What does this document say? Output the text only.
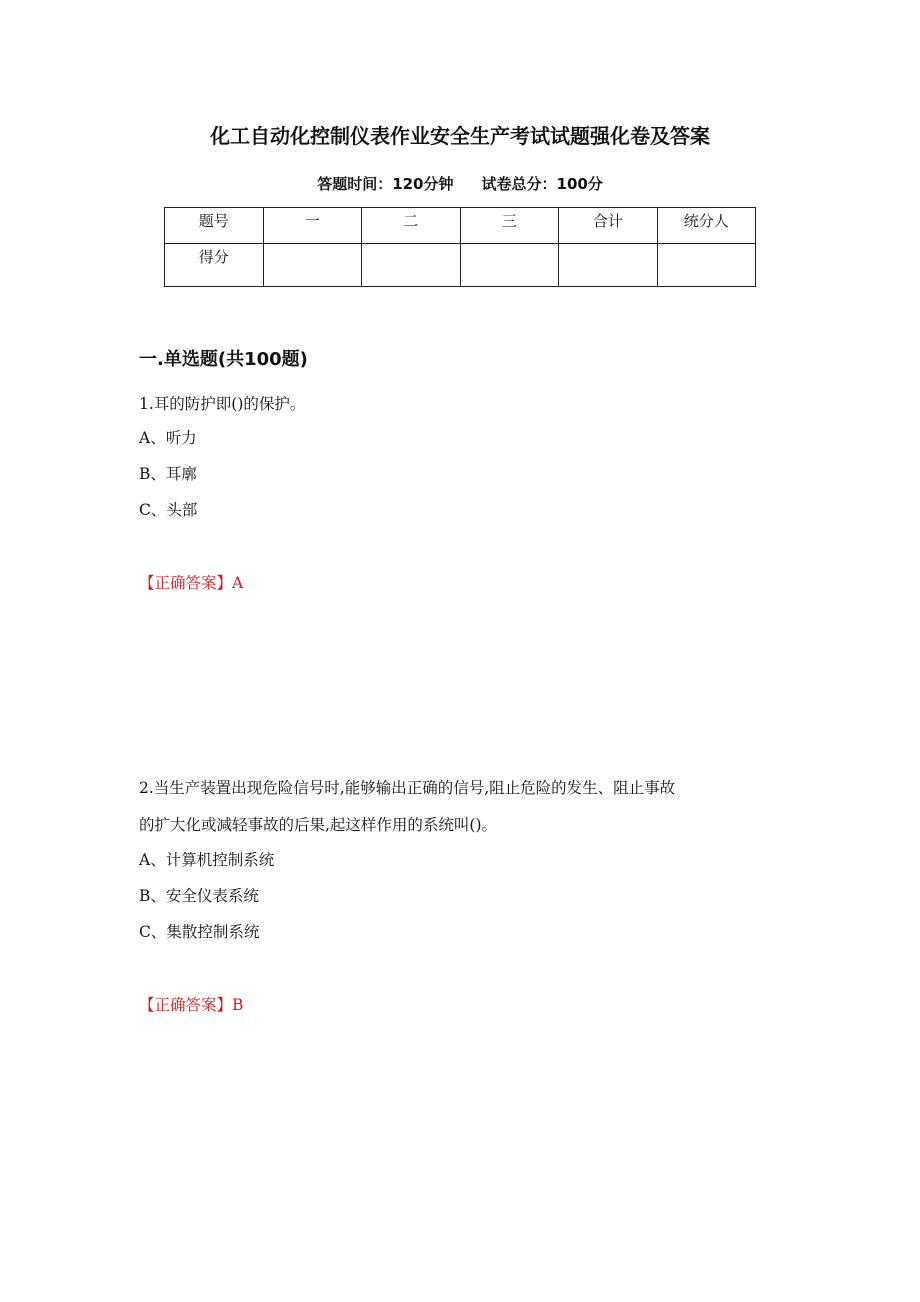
化工自动化控制仪表作业安全生产考试试题强化卷及答案
答题时间：120分钟 试卷总分：100分
题号	一	二	三	合计	统分人
得分					
一.单选题(共100题)
1.耳的防护即()的保护。
A、听力
B、耳廓
C、头部
【正确答案】A
2.当生产装置出现危险信号时,能够输出正确的信号,阻止危险的发生、阻止事故
的扩大化或减轻事故的后果,起这样作用的系统叫()。
A、计算机控制系统
B、安全仪表系统
C、集散控制系统
【正确答案】B
